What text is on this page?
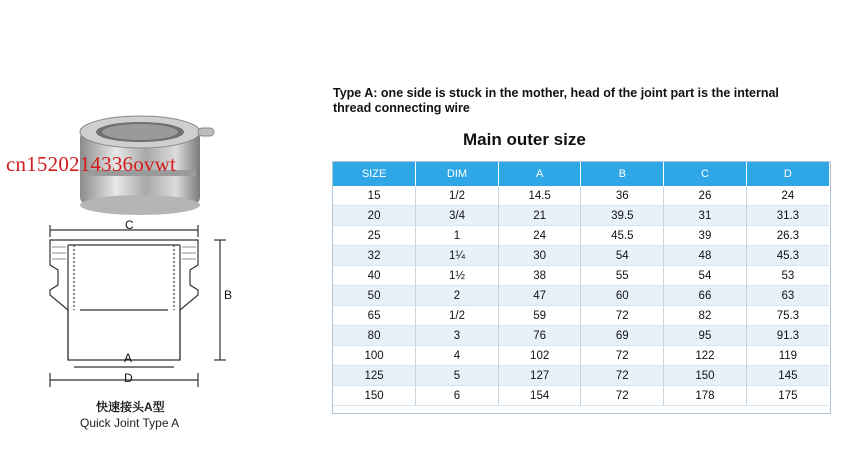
cn1520214336ovwt
C
B
A
D
快速接头A型
Quick Joint Type A
Type A: one side is stuck in the mother, head of the joint part is the internal thread connecting wire
Main outer size
SIZE	DIM	A	B	C	D
15	1/2	14.5	36	26	24
20	3/4	21	39.5	31	31.3
25	1	24	45.5	39	26.3
32	1¼	30	54	48	45.3
40	1½	38	55	54	53
50	2	47	60	66	63
65	1/2	59	72	82	75.3
80	3	76	69	95	91.3
100	4	102	72	122	119
125	5	127	72	150	145
150	6	154	72	178	175
